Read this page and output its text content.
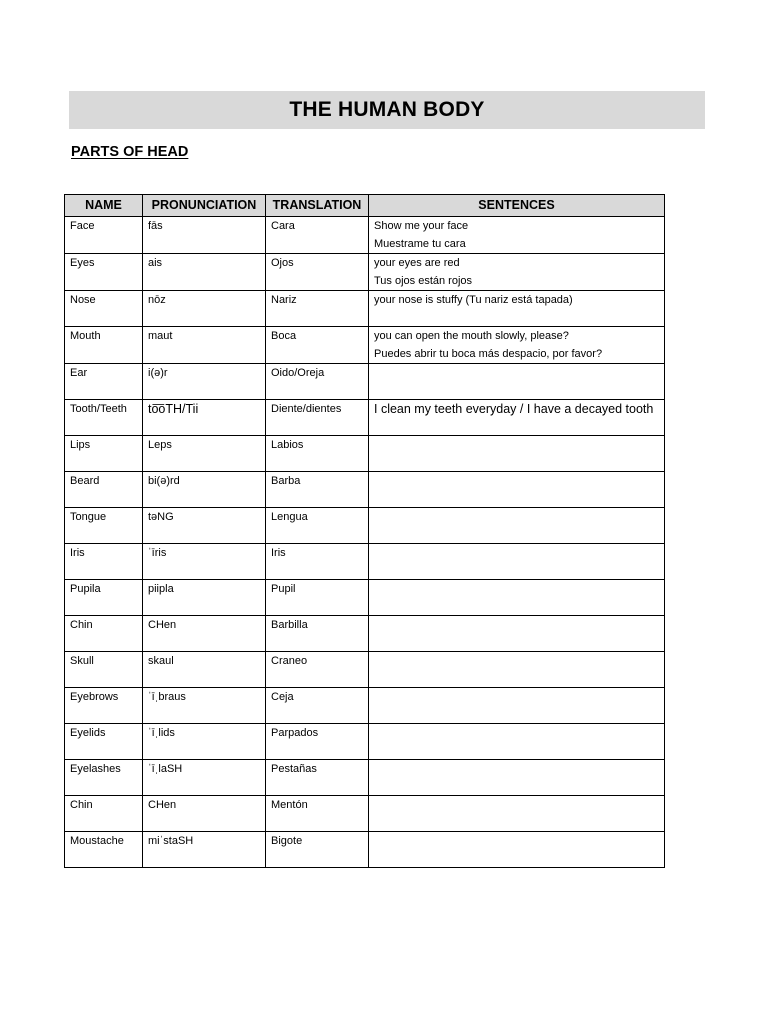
THE HUMAN BODY
PARTS OF HEAD
NAME	PRONUNCIATION	TRANSLATION	SENTENCES
Face	fās	Cara	Show me your face
Muestrame tu cara

Eyes	ais	Ojos	your eyes are red
Tus ojos están rojos

Nose	nōz	Nariz	your nose is stuffy (Tu nariz está tapada)

Mouth	maut	Boca	you can open the mouth slowly, please?
Puedes abrir tu boca más despacio, por favor?

Ear	i(ə)r	Oido/Oreja	
Tooth/Teeth	to͞oTH/Tii	Diente/dientes	I clean my teeth everyday / I have a decayed tooth

Lips	Leps	Labios	
Beard	bi(ə)rd	Barba	
Tongue	təNG	Lengua	
Iris	ˈīris	Iris	
Pupila	piipla	Pupil	
Chin	CHen	Barbilla	
Skull	skaul	Craneo	
Eyebrows	ˈīˌbraus	Ceja	
Eyelids	ˈīˌlids	Parpados	
Eyelashes	ˈīˌlaSH	Pestañas	
Chin	CHen	Mentón	
Moustache	miˈstaSH	Bigote	
